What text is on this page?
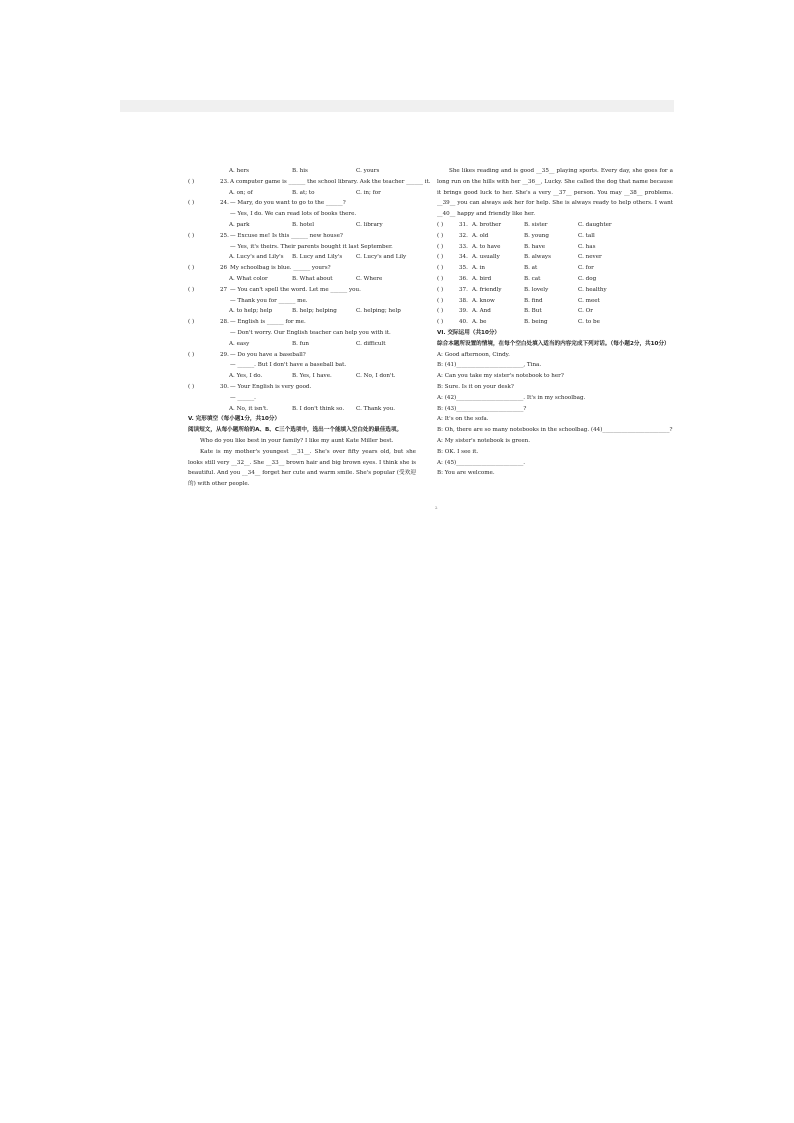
A. hers	B. his	C. yours
( )	23. A computer game is ______ the school library. Ask the teacher ______ it.
A. on; of	B. at; to	C. in; for
( )	24. — Mary, do you want to go to the ______?
— Yes, I do. We can read lots of books there.
A. park	B. hotel	C. library
( )	25. — Excuse me! Is this ______ new house?
— Yes, it's theirs. Their parents bought it last September.
A. Lucy's and Lily's B. Lucy and Lily's C. Lucy's and Lily
( )	26 My schoolbag is blue. ______ yours?
A. What color	B. What about	C. Where
( )	27 — You can't spell the word. Let me ______ you.
— Thank you for ______ me.
A. to help; help	B. help; helping	C. helping; help
( )	28. — English is ______ for me.
— Don't worry. Our English teacher can help you with it.
A. easy	B. fun	C. difficult
( )	29. — Do you have a baseball?
— ______. But I don't have a baseball bat.
A. Yes, I do.	B. Yes, I have.	C. No, I don't.
( )	30. — Your English is very good.
— ______.
A. No, it isn't.	B. I don't think so. C. Thank you.
V. 完形填空（每小题1分，共10分）
阅读短文，从每小题所给的A、B、C三个选项中，选出一个能填入空白处的最佳选项。
Who do you like best in your family? I like my aunt Kate Miller best.
Kate is my mother's youngest __31__. She's over fifty years old, but she looks still very __32__. She __33__ brown hair and big brown eyes. I think she is beautiful. And you __34__ forget her cute and warm smile. She's popular (受欢迎的) with other people.
She likes reading and is good __35__ playing sports. Every day, she goes for a long run on the hills with her __36__, Lucky. She called the dog that name because it brings good luck to her. She's a very __37__ person. You may __38__ problems. __39__ you can always ask her for help. She is always ready to help others. I want __40__ happy and friendly like her.
( )	31. A. brother	B. sister	C. daughter
( )	32. A. old	B. young	C. tall
( )	33. A. to have	B. have	C. has
( )	34. A. usually	B. always	C. never
( )	35. A. in	B. at	C. for
( )	36. A. bird	B. cat	C. dog
( )	37. A. friendly	B. lovely	C. healthy
( )	38. A. know	B. find	C. meet
( )	39. A. And	B. But	C. Or
( )	40. A. be	B. being	C. to be
VI. 交际运用（共10分）
综合本题所设置的情境，在每个空白处填入适当的内容完成下列对话。（每小题2分，共10分）
A: Good afternoon, Cindy.
B: (41)________________________, Tina.
A: Can you take my sister's notebook to her?
B: Sure. Is it on your desk?
A: (42)________________________. It's in my schoolbag.
B: (43)________________________?
A: It's on the sofa.
B: Oh, there are so many notebooks in the schoolbag. (44)________________________?
A: My sister's notebook is green.
B: OK. I see it.
A: (45)________________________.
B: You are welcome.
2
